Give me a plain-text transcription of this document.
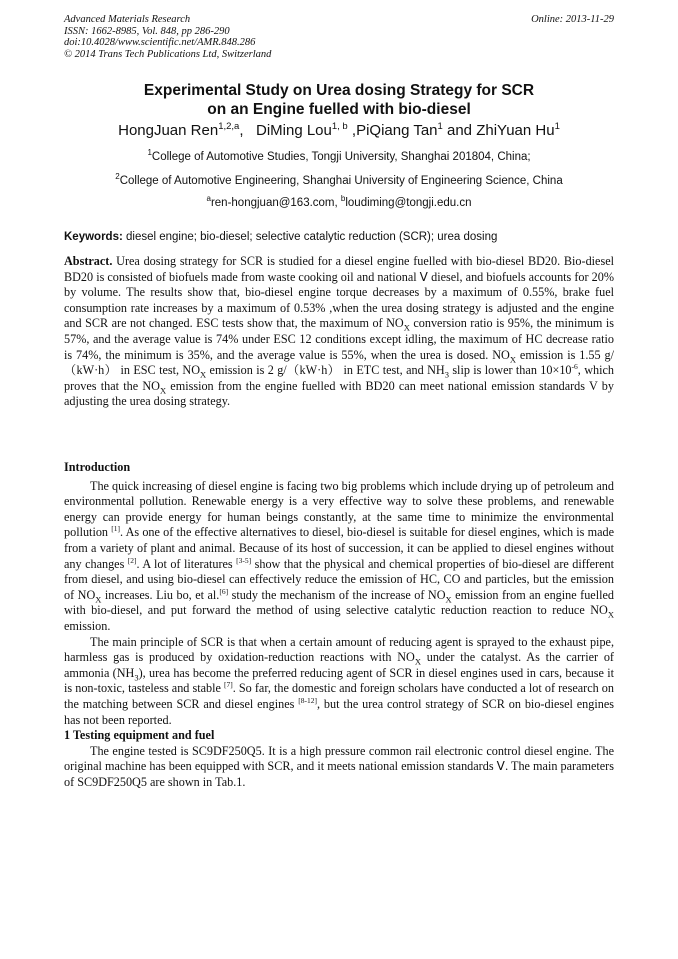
Advanced Materials Research
ISSN: 1662-8985, Vol. 848, pp 286-290
doi:10.4028/www.scientific.net/AMR.848.286
© 2014 Trans Tech Publications Ltd, Switzerland
Online: 2013-11-29
Experimental Study on Urea dosing Strategy for SCR
on an Engine fuelled with bio-diesel
HongJuan Ren$^{1,2,a}$,   DiMing Lou$^{1, b}$ ,PiQiang Tan$^1$ and ZhiYuan Hu$^1$
$^1$College of Automotive Studies, Tongji University, Shanghai 201804, China;
$^2$College of Automotive Engineering, Shanghai University of Engineering Science, China
$^a$ren-hongjuan@163.com, $^b$loudiming@tongji.edu.cn
Keywords: diesel engine; bio-diesel; selective catalytic reduction (SCR); urea dosing
Abstract. Urea dosing strategy for SCR is studied for a diesel engine fuelled with bio-diesel BD20. Bio-diesel BD20 is consisted of biofuels made from waste cooking oil and national Ⅴ diesel, and biofuels accounts for 20% by volume. The results show that, bio-diesel engine torque decreases by a maximum of 0.55%, brake fuel consumption rate increases by a maximum of 0.53% ,when the urea dosing strategy is adjusted and the engine and SCR are not changed. ESC tests show that, the maximum of $NO_X$ conversion ratio is 95%, the minimum is 57%, and the average value is 74% under ESC 12 conditions except idling, the maximum of HC decrease ratio is 74%, the minimum is 35%, and the average value is 55%, when the urea is dosed. $NO_X$ emission is 1.55 g/（kW·h） in ESC test, $NO_X$ emission is 2 g/（kW·h） in ETC test, and $NH_3$ slip is lower than $10\times 10^{-6}$, which proves that the $NO_X$ emission from the engine fuelled with BD20 can meet national emission standards V by adjusting the urea dosing strategy.
Introduction

The quick increasing of diesel engine is facing two big problems which include drying up of petroleum and environmental pollution. Renewable energy is a very effective way to solve these problems, and renewable energy can provide energy for human beings constantly, at the same time to minimize the environmental pollution [1]. As one of the effective alternatives to diesel, bio-diesel is suitable for diesel engines, which is made from a variety of plant and animal. Because of its host of succession, it can be applied to diesel engines without any changes [2]. A lot of literatures [3-5] show that the physical and chemical properties of bio-diesel are different from diesel, and using bio-diesel can effectively reduce the emission of HC, CO and particles, but the emission of $NO_X$ increases. Liu bo, et al.[6] study the mechanism of the increase of $NO_X$ emission from an engine fuelled with bio-diesel, and put forward the method of using selective catalytic reduction reaction to reduce $NO_X$ emission.

The main principle of SCR is that when a certain amount of reducing agent is sprayed to the exhaust pipe, harmless gas is produced by oxidation-reduction reactions with $NO_X$ under the catalyst. As the carrier of ammonia $(NH_3)$, urea has become the preferred reducing agent of SCR in diesel engines used in cars, because it is non-toxic, tasteless and stable [7]. So far, the domestic and foreign scholars have conducted a lot of research on the matching between SCR and diesel engines [8-12], but the urea control strategy of SCR on bio-diesel engines has not been reported.

1 Testing equipment and fuel

The engine tested is SC9DF250Q5. It is a high pressure common rail electronic control diesel engine. The original machine has been equipped with SCR, and it meets national emission standards Ⅴ. The main parameters of SC9DF250Q5 are shown in Tab.1.
